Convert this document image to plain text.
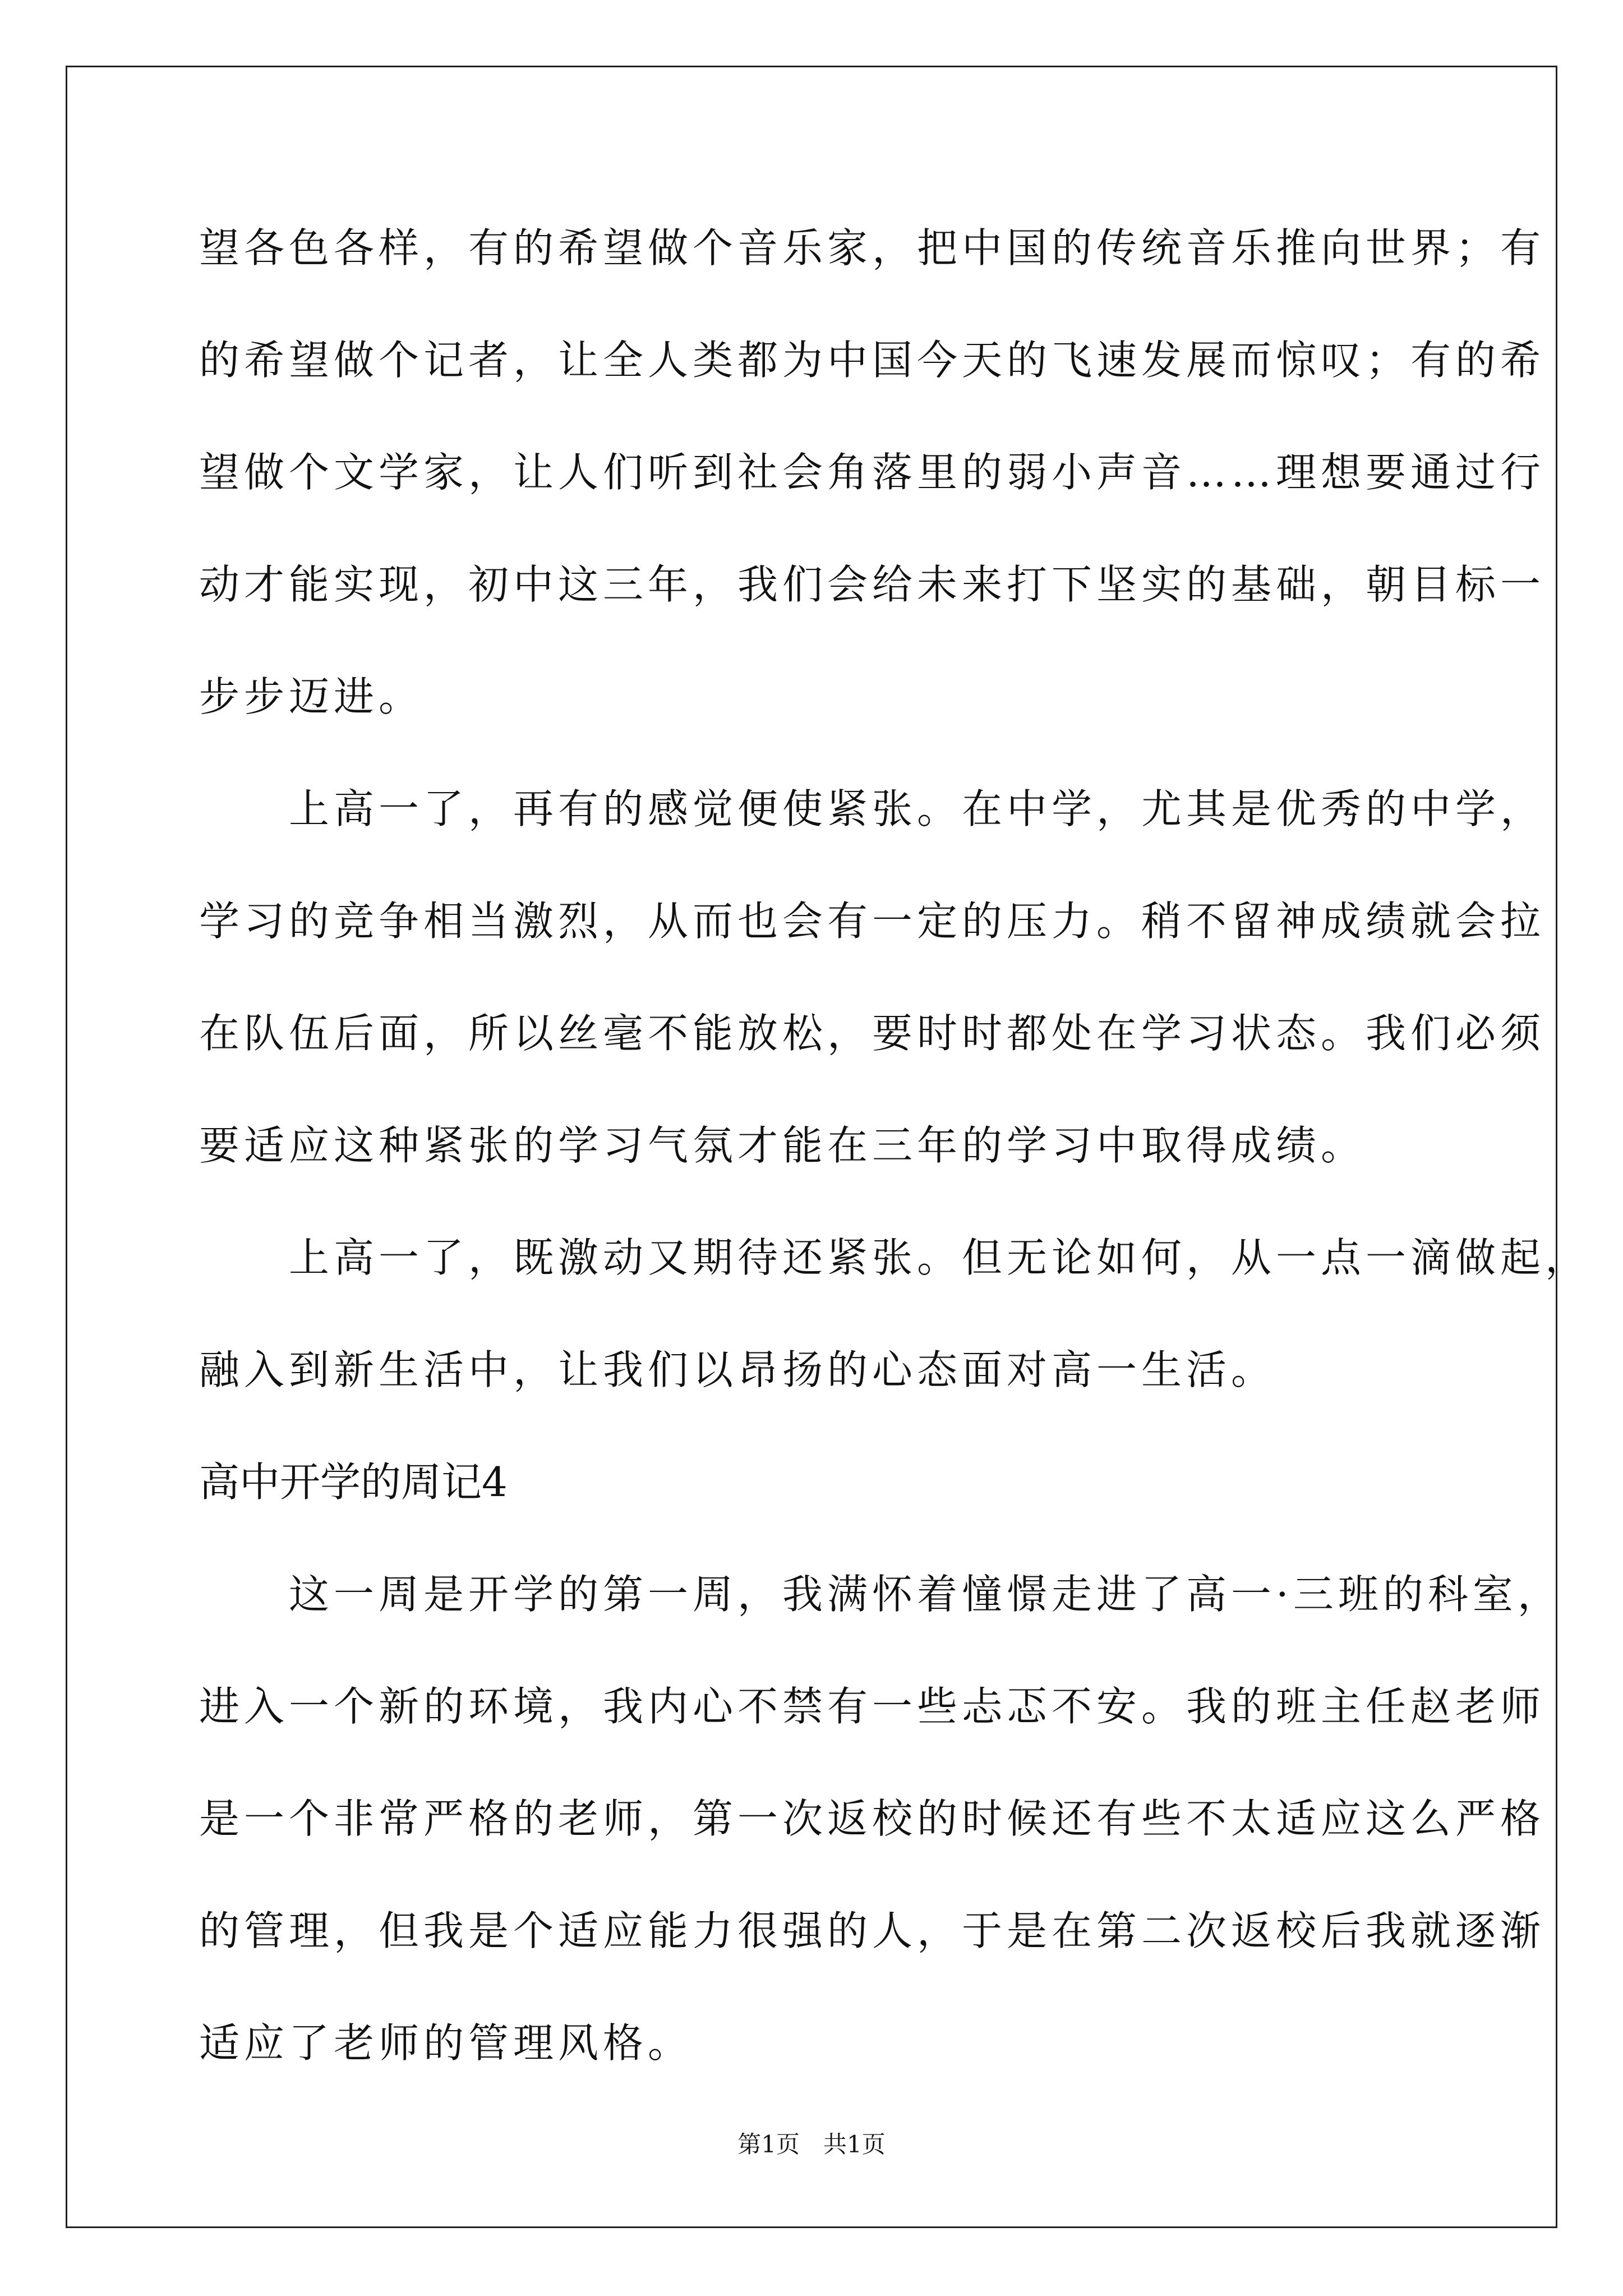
望各色各样，有的希望做个音乐家，把中国的传统音乐推向世界；有
的希望做个记者，让全人类都为中国今天的飞速发展而惊叹；有的希
望做个文学家，让人们听到社会角落里的弱小声音……理想要通过行
动才能实现，初中这三年，我们会给未来打下坚实的基础，朝目标一
步步迈进。
　　上高一了，再有的感觉便使紧张。在中学，尤其是优秀的中学，
学习的竞争相当激烈，从而也会有一定的压力。稍不留神成绩就会拉
在队伍后面，所以丝毫不能放松，要时时都处在学习状态。我们必须
要适应这种紧张的学习气氛才能在三年的学习中取得成绩。
　　上高一了，既激动又期待还紧张。但无论如何，从一点一滴做起，
融入到新生活中，让我们以昂扬的心态面对高一生活。
高中开学的周记4
　　这一周是开学的第一周，我满怀着憧憬走进了高一·三班的科室，
进入一个新的环境，我内心不禁有一些忐忑不安。我的班主任赵老师
是一个非常严格的老师，第一次返校的时候还有些不太适应这么严格
的管理，但我是个适应能力很强的人，于是在第二次返校后我就逐渐
适应了老师的管理风格。
第1页　共1页
